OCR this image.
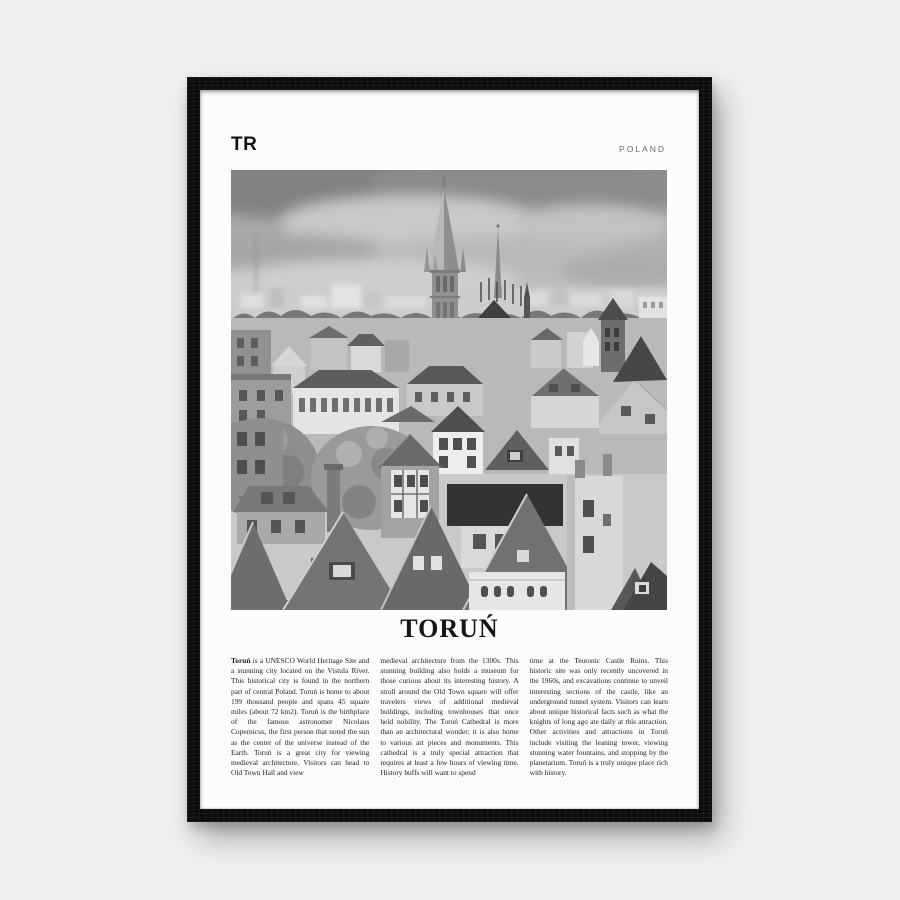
TR	POLAND
TORUŃ

Toruń is a UNESCO World Heritage Site and a stunning city located on the Vistula River. This historical city is found in the northern part of central Poland. Toruń is home to about 199 thousand people and spans 45 square miles (about 72 km2). Toruń is the birthplace of the famous astronomer Nicolaus Copernicus, the first person that noted the sun as the center of the universe instead of the Earth. Toruń is a great city for viewing medieval architecture. Visitors can head to Old Town Hall and view

medieval architecture from the 1300s. This stunning building also holds a museum for those curious about its interesting history. A stroll around the Old Town square will offer travelers views of additional medieval buildings, including townhouses that once held nobility. The Toruń Cathedral is more than an architectural wonder; it is also home to various art pieces and monuments. This cathedral is a truly special attraction that requires at least a few hours of viewing time. History buffs will want to spend

time at the Teutonic Castle Ruins. This historic site was only recently uncovered in the 1960s, and excavations continue to unveil interesting sections of the castle, like an underground tunnel system. Visitors can learn about unique historical facts such as what the knights of long ago ate daily at this attraction. Other activities and attractions in Toruń include visiting the leaning tower, viewing stunning water fountains, and stopping by the planetarium. Toruń is a truly unique place rich with history.
